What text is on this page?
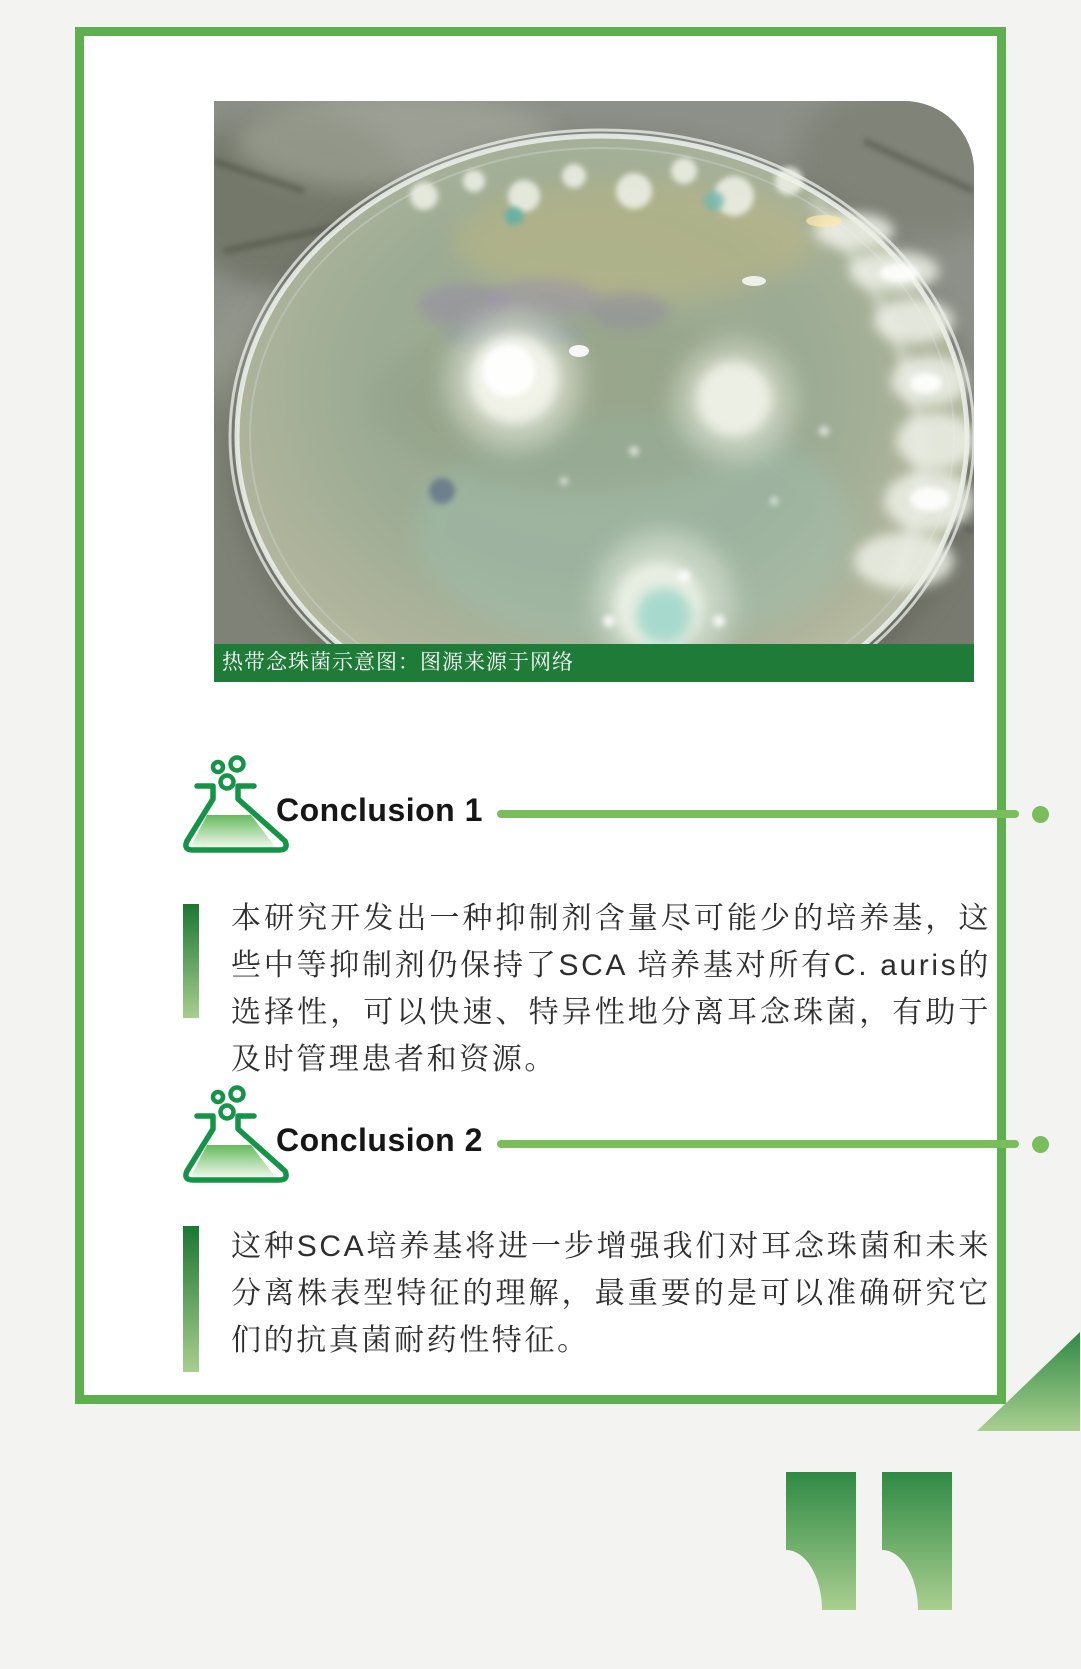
热带念珠菌示意图：图源来源于网络
Conclusion 1

本研究开发出一种抑制剂含量尽可能少的培养基，这些中等抑制剂仍保持了SCA 培养基对所有C. auris的选择性，可以快速、特异性地分离耳念珠菌，有助于及时管理患者和资源。

Conclusion 2

这种SCA培养基将进一步增强我们对耳念珠菌和未来分离株表型特征的理解，最重要的是可以准确研究它们的抗真菌耐药性特征。
